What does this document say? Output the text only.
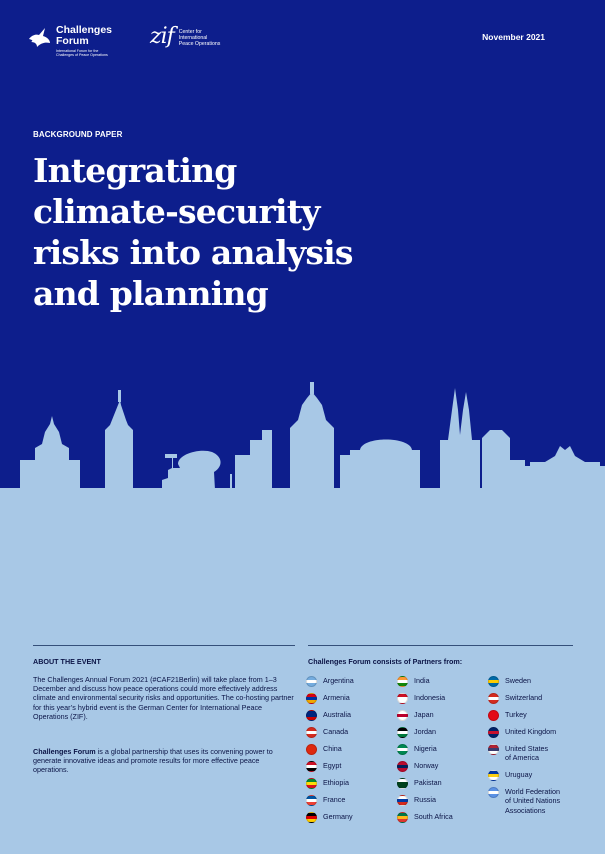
Challenges
Forum
International Forum for the
Challenges of Peace Operations
zif Center for
International
Peace Operations
November 2021
BACKGROUND PAPER
Integrating
climate-security
risks into analysis
and planning
ABOUT THE EVENT
The Challenges Annual Forum 2021 (#CAF21Berlin) will take place from 1–3 December and discuss how peace operations could more effectively address climate and environmental security risks and opportunities. The co-hosting partner for this year’s hybrid event is the German Center for International Peace Operations (ZIF).
Challenges Forum is a global partnership that uses its convening power to generate innovative ideas and promote results for more effective peace operations.
Challenges Forum consists of Partners from:
Argentina
Armenia
Australia
Canada
China
Egypt
Ethiopia
France
Germany
India
Indonesia
Japan
Jordan
Nigeria
Norway
Pakistan
Russia
South Africa
Sweden
Switzerland
Turkey
United Kingdom
United States
of America
Uruguay
World Federation
of United Nations
Associations
